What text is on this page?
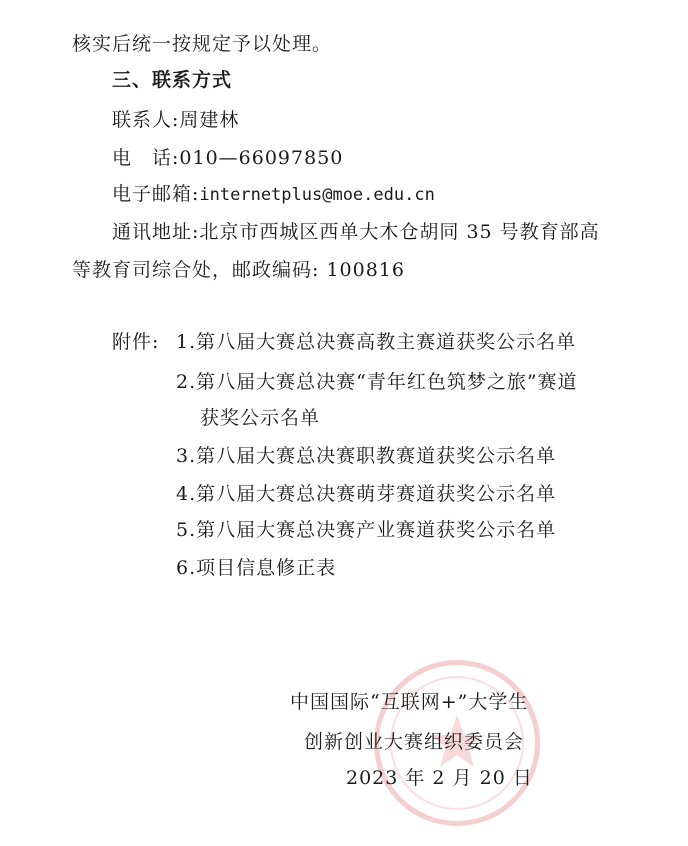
核实后统一按规定予以处理。
三、联系方式
联系人:周建林
电　话:010—66097850
电子邮箱:internetplus@moe.edu.cn
通讯地址:北京市西城区西单大木仓胡同 35 号教育部高
等教育司综合处，邮政编码: 100816
附件: 1.第八届大赛总决赛高教主赛道获奖公示名单
2.第八届大赛总决赛“青年红色筑梦之旅”赛道
获奖公示名单
3.第八届大赛总决赛职教赛道获奖公示名单
4.第八届大赛总决赛萌芽赛道获奖公示名单
5.第八届大赛总决赛产业赛道获奖公示名单
6.项目信息修正表
中国国际“互联网+”大学生
创新创业大赛组织委员会
2023 年 2 月 20 日
